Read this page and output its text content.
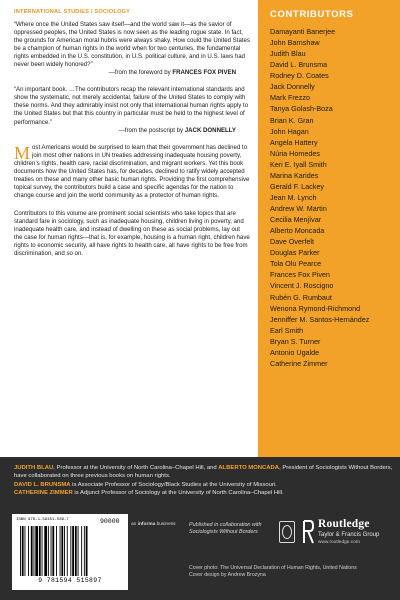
INTERNATIONAL STUDIES / SOCIOLOGY

“Where once the United States saw itself—and the world saw it—as the savior of oppressed peoples, the United States is now seen as the leading rogue state. In fact, the grounds for American moral hubris were always shaky. How could the United States be a champion of human rights in the world when for two centuries, the fundamental rights embedded in the U.S. constitution, in U.S. political culture, and in U.S. laws had never been widely honored?”

—from the foreword by FRANCES FOX PIVEN

“An important book. …The contributors recap the relevant international standards and show the systematic, not merely accidental, failure of the United States to comply with these norms. And they admirably insist not only that international human rights apply to the United States but that this country in particular must be held to the highest level of performance.”

—from the postscript by JACK DONNELLY

Most Americans would be surprised to learn that their government has declined to join most other nations in UN treaties addressing inadequate housing poverty, children’s rights, health care, racial discrimination, and migrant workers. Yet this book documents how the United States has, for decades, declined to ratify widely accepted treaties on these and many other basic human rights. Providing the first comprehensive topical survey, the contributors build a case and specific agendas for the nation to change course and join the world community as a protector of human rights.

Contributors to this volume are prominent social scientists who take topics that are standard fare in sociology, such as inadequate housing, children living in poverty, and inadequate health care, and instead of dwelling on these as social problems, lay out the case for human rights—that is, for example, housing is a human right, children have rights to economic security, all have rights to health care, all have rights to be free from discrimination, and so on.

CONTRIBUTORS
Damayanti Banerjee
John Barnshaw
Judith Blau
David L. Brunsma
Rodney D. Coates
Jack Donnelly
Mark Frezzo
Tanya Golash-Boza
Brian K. Gran
John Hagan
Angela Hattery
Núria Homedes
Keri E. Iyall Smith
Marina Karides
Gerald F. Lackey
Jean M. Lynch
Andrew W. Martin
Cecilia Menjívar
Alberto Moncada
Dave Overfelt
Douglas Parker
Tola Olu Pearce
Frances Fox Piven
Vincent J. Roscigno
Rubén G. Rumbaut
Wenona Rymond-Richmond
Jenniffer M. Santos-Hernández
Earl Smith
Bryan S. Turner
Antonio Ugalde
Catherine Zimmer
JUDITH BLAU, Professor at the University of North Carolina–Chapel Hill, and ALBERTO MONCADA, President of Sociologists Without Borders, have collaborated on three previous books on human rights.
DAVID L. BRUNSMA is Associate Professor of Sociology/Black Studies at the University of Missouri.
CATHERINE ZIMMER is Adjunct Professor of Sociology at the University of North Carolina–Chapel Hill.
ISBN 978-1-59451-589-7	90000
9 781594 515897
an informa business Published in collaboration with Sociologists Without Borders
Routledge
Taylor & Francis Group
www.routledge.com
Cover photo: The Universal Declaration of Human Rights, United Nations
Cover design by Andrew Brozyna
